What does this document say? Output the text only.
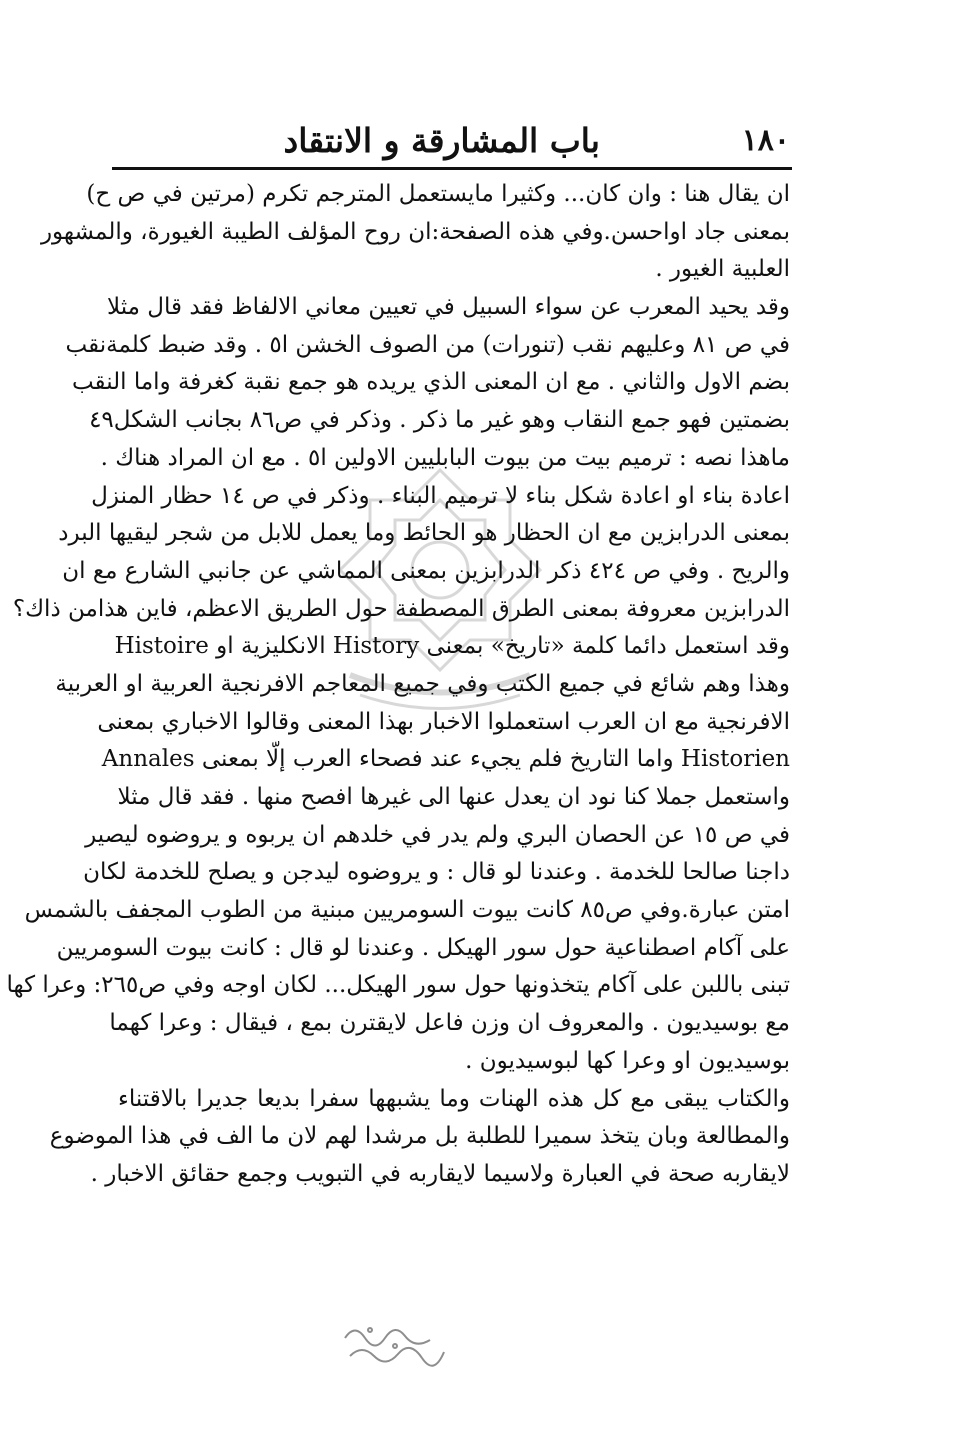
١٨٠
باب المشارقة و الانتقاد
ان يقال هنا : وان كان... وكثيرا مايستعمل المترجم تكرم (مرتين في ص ح)
بمعنى جاد اواحسن.وفي هذه الصفحة:ان روح المؤلف الطيبة الغيورة، والمشهور
العلبية الغيور .
وقد يحيد المعرب عن سواء السبيل في تعيين معاني الالفاظ فقد قال مثلا
في ص ٨١ وعليهم نقب (تنورات) من الصوف الخشن ا٥ . وقد ضبط كلمةنقب
بضم الاول والثاني . مع ان المعنى الذي يريده هو جمع نقبة كغرفة واما النقب
بضمتين فهو جمع النقاب وهو غير ما ذكر . وذكر في ص٨٦ بجانب الشكل٤٩
ماهذا نصه : ترميم بيت من بيوت البابليين الاولين ا٥ . مع ان المراد هناك .
اعادة بناء او اعادة شكل بناء لا ترميم البناء . وذكر في ص ١٤ حظار المنزل
بمعنى الدرابزين مع ان الحظار هو الحائط وما يعمل للابل من شجر ليقيها البرد
والريح . وفي ص ٤٢٤ ذكر الدرابزين بمعنى المماشي عن جانبي الشارع مع ان
الدرابزين معروفة بمعنى الطرق المصطفة حول الطريق الاعظم، فاين هذامن ذاك؟
وقد استعمل دائما كلمة «تاريخ» بمعنى History الانكليزية او Histoire
وهذا وهم شائع في جميع الكتب وفي جميع المعاجم الافرنجية العربية او العربية
الافرنجية مع ان العرب استعملوا الاخبار بهذا المعنى وقالوا الاخباري بمعنى
Historien واما التاريخ فلم يجيء عند فصحاء العرب إلّا بمعنى Annales
واستعمل جملا كنا نود ان يعدل عنها الى غيرها افصح منها . فقد قال مثلا
في ص ١٥ عن الحصان البري ولم يدر في خلدهم ان يربوه و يروضوه ليصير
داجنا صالحا للخدمة . وعندنا لو قال : و يروضوه ليدجن و يصلح للخدمة لكان
امتن عبارة.وفي ص٨٥ كانت بيوت السومريين مبنية من الطوب المجفف بالشمس
على آكام اصطناعية حول سور الهيكل . وعندنا لو قال : كانت بيوت السومريين
تبنى باللبن على آكام يتخذونها حول سور الهيكل... لكان اوجه وفي ص٢٦٥: وعرا كها
مع بوسيديون . والمعروف ان وزن فاعل لايقترن بمع ، فيقال : وعرا كهما
بوسيديون او وعرا كها لبوسيديون .
والكتاب يبقى مع كل هذه الهنات وما يشبهها سفرا بديعا جديرا بالاقتناء
والمطالعة وبان يتخذ سميرا للطلبة بل مرشدا لهم لان ما الف في هذا الموضوع
لايقاربه صحة في العبارة ولاسيما لايقاربه في التبويب وجمع حقائق الاخبار .
